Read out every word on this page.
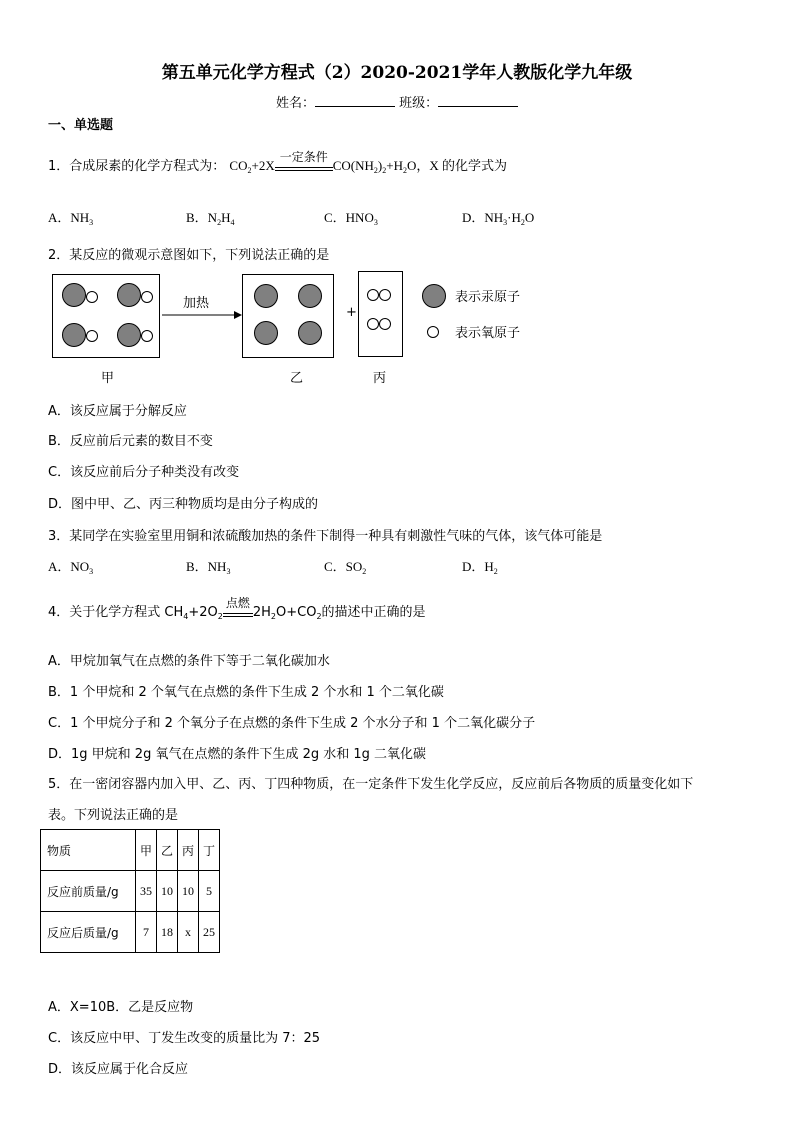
第五单元化学方程式（2）2020-2021学年人教版化学九年级
姓名：	班级：
一、单选题
1．合成尿素的化学方程式为： $CO_2+2X$
一定条件
$CO(NH_2)_2+H_2O$，X 的化学式为
A．$NH_3$	B．$N_2H_4$	C．$HNO_3$	D．$NH_3\cdot H_2O$
2．某反应的微观示意图如下，下列说法正确的是
加热
+
甲	乙	丙
表示汞原子
表示氧原子
A．该反应属于分解反应
B．反应前后元素的数目不变
C．该反应前后分子种类没有改变
D．图中甲、乙、丙三种物质均是由分子构成的
3．某同学在实验室里用铜和浓硫酸加热的条件下制得一种具有刺激性气味的气体，该气体可能是
A．$NO_3$	B．$NH_3$	C．$SO_2$	D．$H_2$
4．关于化学方程式 $CH_4+2O_2$
点燃
$2H_2O+CO_2$的描述中正确的是
A．甲烷加氧气在点燃的条件下等于二氧化碳加水
B．1 个甲烷和 2 个氧气在点燃的条件下生成 2 个水和 1 个二氧化碳
C．1 个甲烷分子和 2 个氧分子在点燃的条件下生成 2 个水分子和 1 个二氧化碳分子
D．1g 甲烷和 2g 氧气在点燃的条件下生成 2g 水和 1g 二氧化碳
5．在一密闭容器内加入甲、乙、丙、丁四种物质，在一定条件下发生化学反应，反应前后各物质的质量变化如下
表。下列说法正确的是
物质	甲	乙	丙	丁
反应前质量/g	35	10	10	5
反应后质量/g	7	18	x	25
A．X=10B．乙是反应物
C．该反应中甲、丁发生改变的质量比为 7：25
D．该反应属于化合反应
